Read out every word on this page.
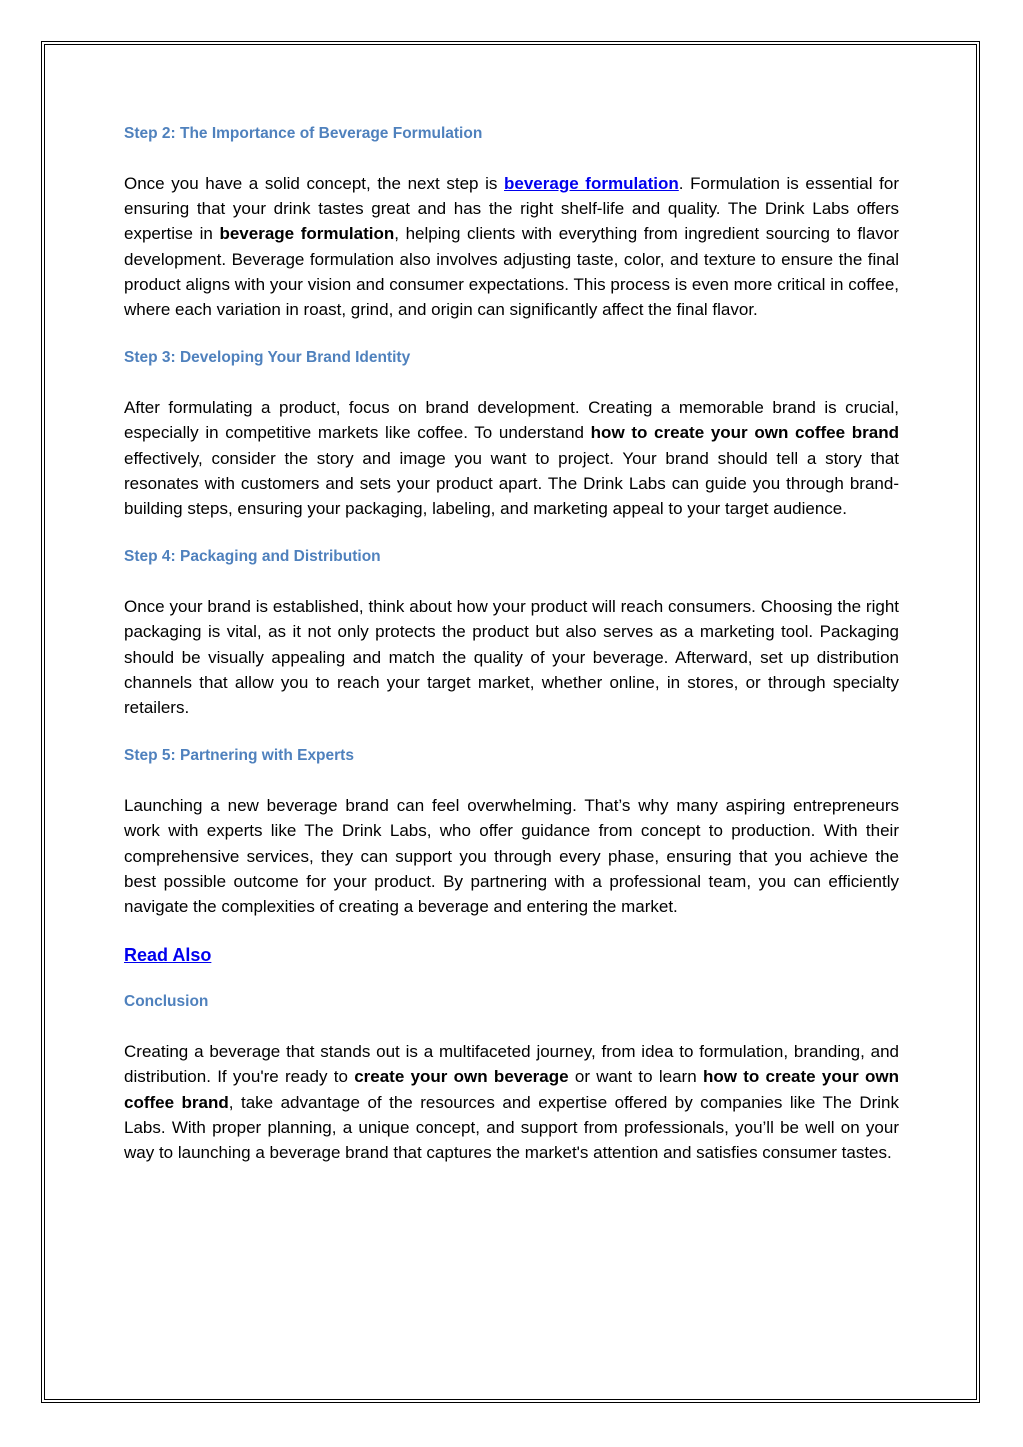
Step 2: The Importance of Beverage Formulation

Once you have a solid concept, the next step is beverage formulation. Formulation is essential for ensuring that your drink tastes great and has the right shelf-life and quality. The Drink Labs offers expertise in beverage formulation, helping clients with everything from ingredient sourcing to flavor development. Beverage formulation also involves adjusting taste, color, and texture to ensure the final product aligns with your vision and consumer expectations. This process is even more critical in coffee, where each variation in roast, grind, and origin can significantly affect the final flavor.

Step 3: Developing Your Brand Identity

After formulating a product, focus on brand development. Creating a memorable brand is crucial, especially in competitive markets like coffee. To understand how to create your own coffee brand effectively, consider the story and image you want to project. Your brand should tell a story that resonates with customers and sets your product apart. The Drink Labs can guide you through brand-building steps, ensuring your packaging, labeling, and marketing appeal to your target audience.

Step 4: Packaging and Distribution

Once your brand is established, think about how your product will reach consumers. Choosing the right packaging is vital, as it not only protects the product but also serves as a marketing tool. Packaging should be visually appealing and match the quality of your beverage. Afterward, set up distribution channels that allow you to reach your target market, whether online, in stores, or through specialty retailers.

Step 5: Partnering with Experts

Launching a new beverage brand can feel overwhelming. That’s why many aspiring entrepreneurs work with experts like The Drink Labs, who offer guidance from concept to production. With their comprehensive services, they can support you through every phase, ensuring that you achieve the best possible outcome for your product. By partnering with a professional team, you can efficiently navigate the complexities of creating a beverage and entering the market.

Read Also
Conclusion

Creating a beverage that stands out is a multifaceted journey, from idea to formulation, branding, and distribution. If you're ready to create your own beverage or want to learn how to create your own coffee brand, take advantage of the resources and expertise offered by companies like The Drink Labs. With proper planning, a unique concept, and support from professionals, you’ll be well on your way to launching a beverage brand that captures the market's attention and satisfies consumer tastes.
